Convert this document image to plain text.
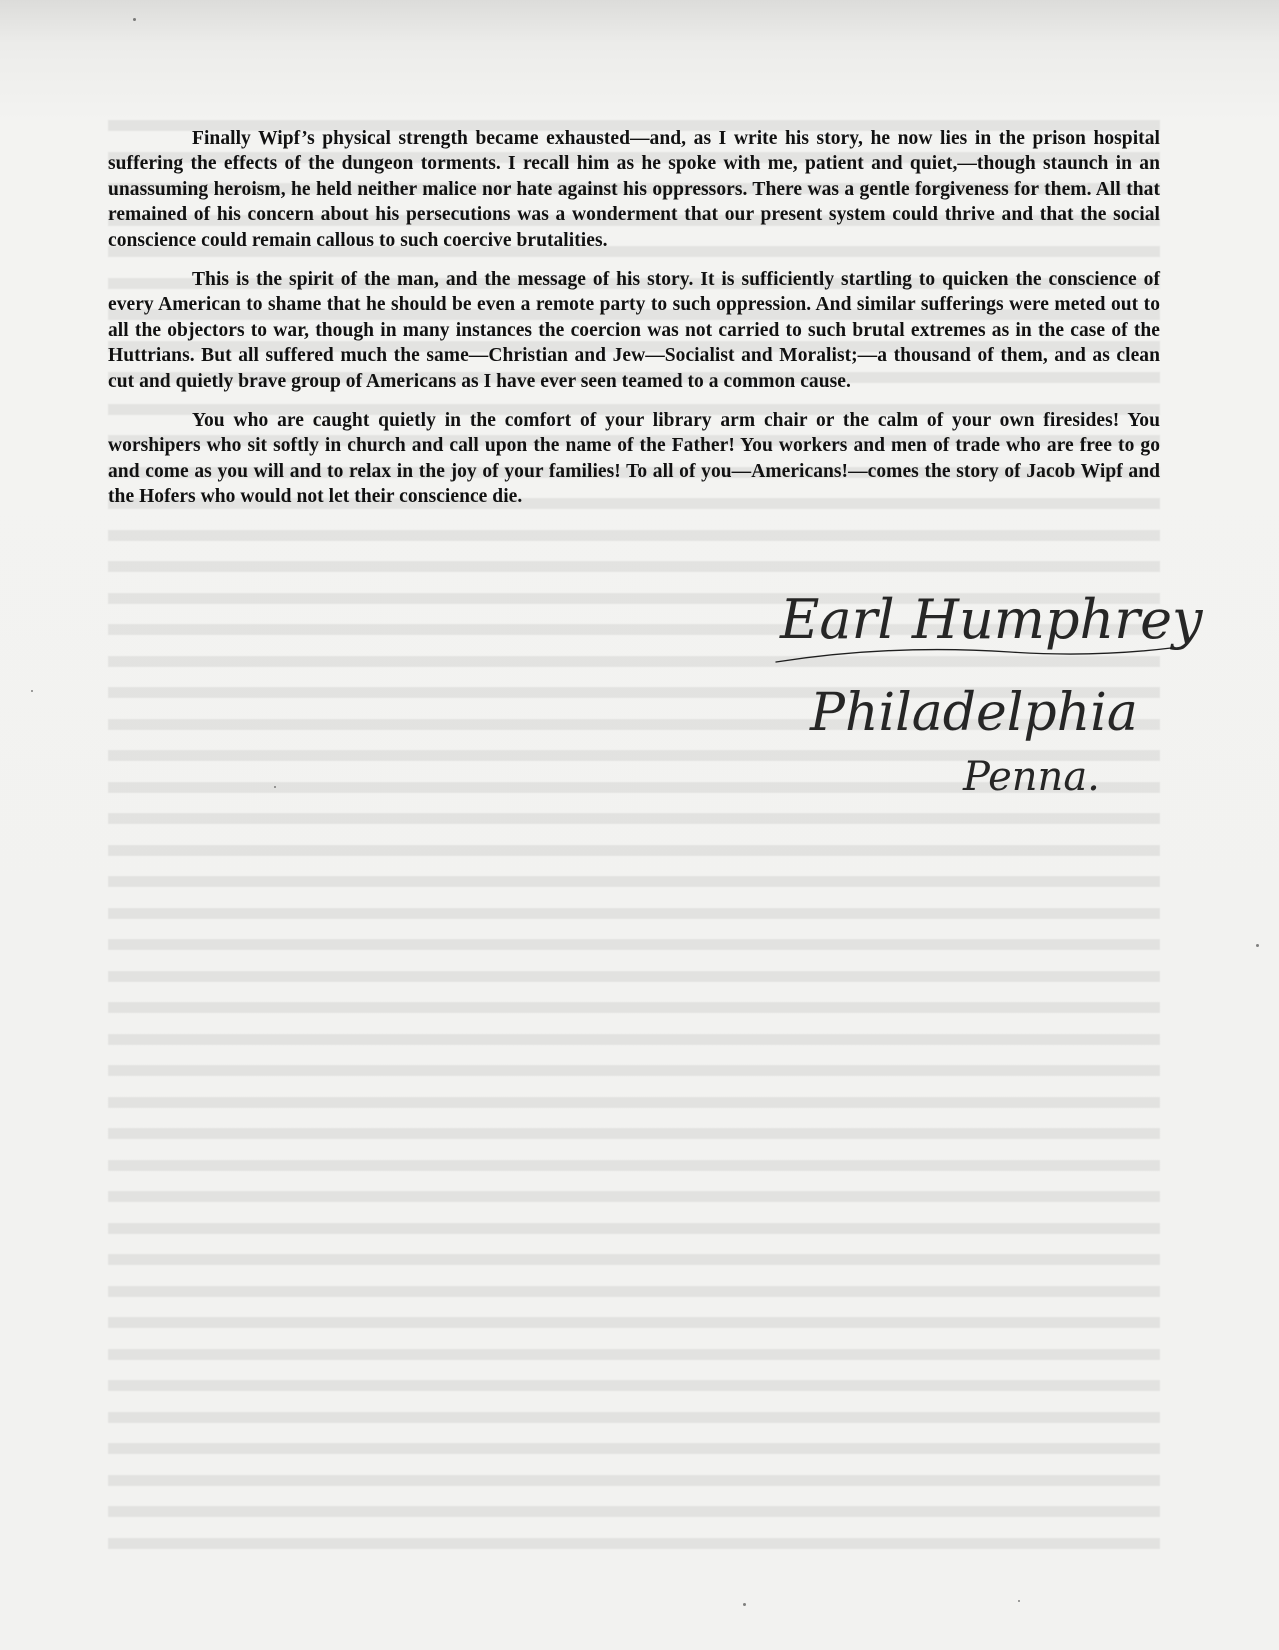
Finally Wipf’s physical strength became exhausted—and, as I write his story, he now lies in the prison hospital suffering the effects of the dungeon torments. I recall him as he spoke with me, patient and quiet,—though staunch in an unassuming heroism, he held neither malice nor hate against his oppressors. There was a gentle forgiveness for them. All that remained of his concern about his persecutions was a wonderment that our present system could thrive and that the social conscience could remain callous to such coercive brutalities.

This is the spirit of the man, and the message of his story. It is sufficiently startling to quicken the conscience of every American to shame that he should be even a remote party to such oppression. And similar sufferings were meted out to all the objectors to war, though in many instances the coercion was not carried to such brutal extremes as in the case of the Huttrians. But all suffered much the same—Christian and Jew—Socialist and Moralist;—a thousand of them, and as clean cut and quietly brave group of Americans as I have ever seen teamed to a common cause.

You who are caught quietly in the comfort of your library arm chair or the calm of your own firesides! You worshipers who sit softly in church and call upon the name of the Father! You workers and men of trade who are free to go and come as you will and to relax in the joy of your families! To all of you—Americans!—comes the story of Jacob Wipf and the Hofers who would not let their conscience die.

Earl Humphrey
Philadelphia
Penna.
